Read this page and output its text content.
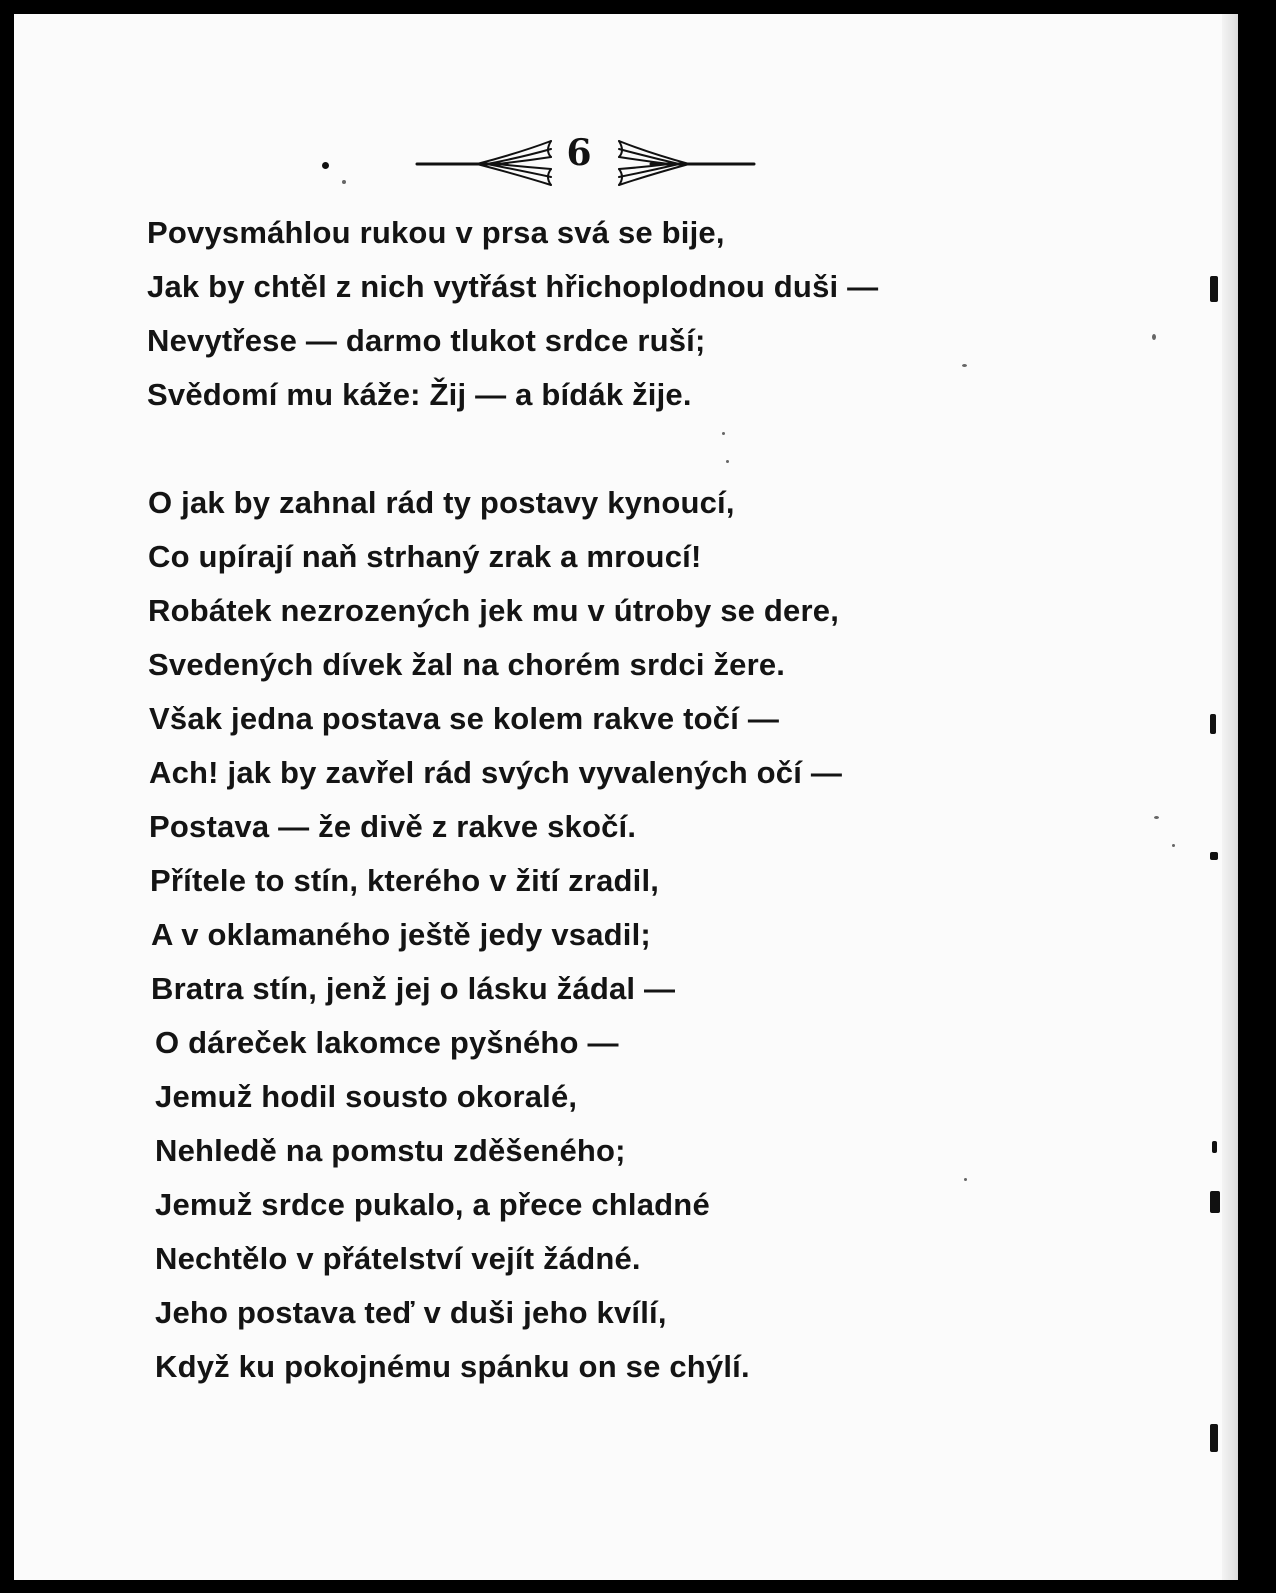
6
Povysmáhlou rukou v prsa svá se bije,
Jak by chtěl z nich vytřást hřichoplodnou duši —
Nevytřese — darmo tlukot srdce ruší;
Svědomí mu káže: Žij — a bídák žije.
O jak by zahnal rád ty postavy kynoucí,
Co upírají naň strhaný zrak a mroucí!
Robátek nezrozených jek mu v útroby se dere,
Svedených dívek žal na chorém srdci žere.
Však jedna postava se kolem rakve točí —
Ach! jak by zavřel rád svých vyvalených očí —
Postava — že divě z rakve skočí.
Přítele to stín, kterého v žití zradil,
A v oklamaného ještě jedy vsadil;
Bratra stín, jenž jej o lásku žádal —
O dáreček lakomce pyšného —
Jemuž hodil sousto okoralé,
Nehledě na pomstu zděšeného;
Jemuž srdce pukalo, a přece chladné
Nechtělo v přátelství vejít žádné.
Jeho postava teď v duši jeho kvílí,
Když ku pokojnému spánku on se chýlí.
